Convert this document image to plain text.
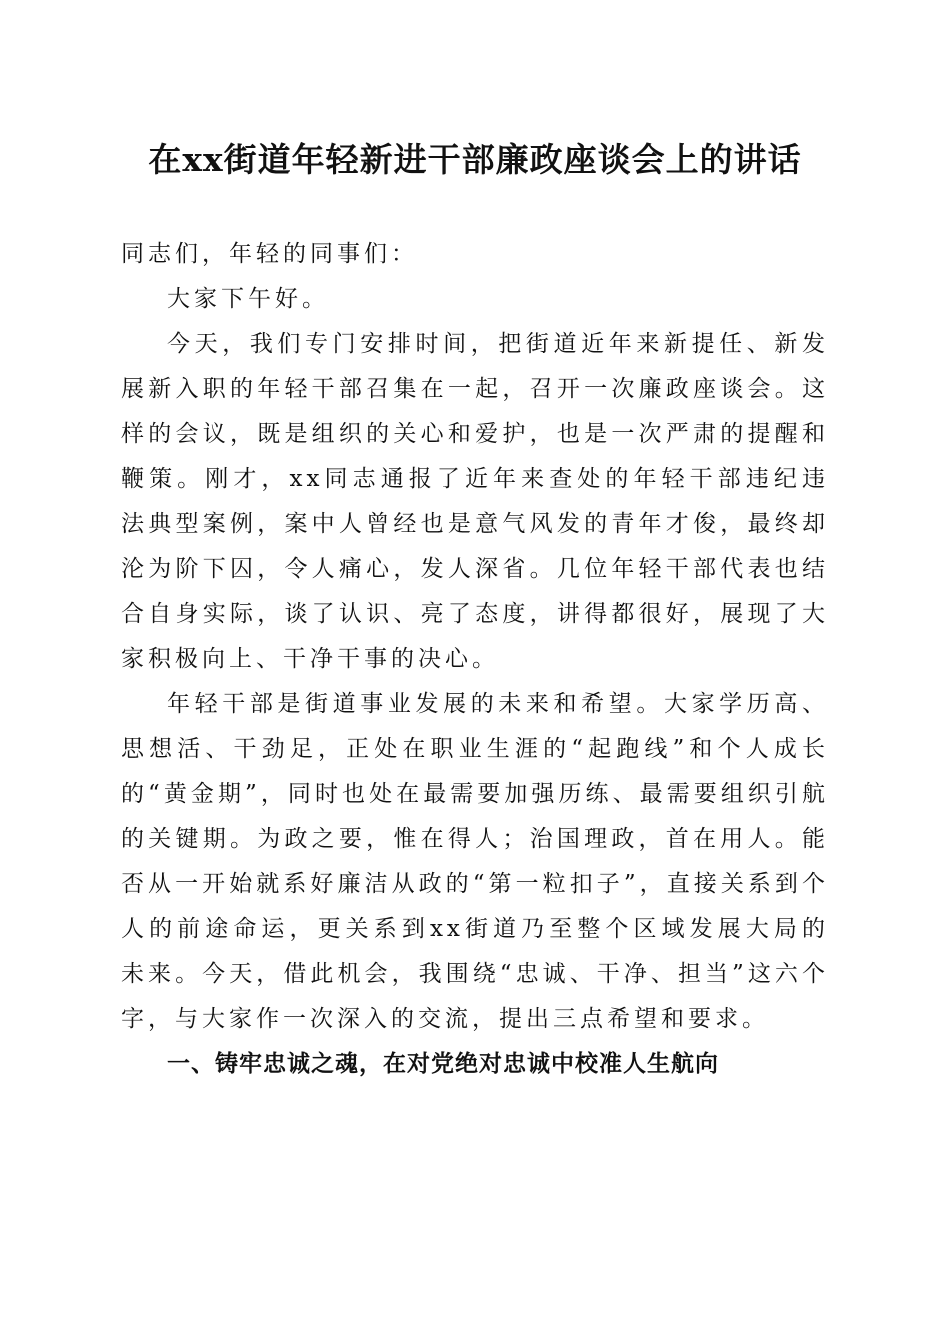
在xx街道年轻新进干部廉政座谈会上的讲话

同志们，年轻的同事们：

大家下午好。

今天，我们专门安排时间，把街道近年来新提任、新发展新入职的年轻干部召集在一起，召开一次廉政座谈会。这样的会议，既是组织的关心和爱护，也是一次严肃的提醒和鞭策。刚才，xx同志通报了近年来查处的年轻干部违纪违法典型案例，案中人曾经也是意气风发的青年才俊，最终却沦为阶下囚，令人痛心，发人深省。几位年轻干部代表也结合自身实际，谈了认识、亮了态度，讲得都很好，展现了大家积极向上、干净干事的决心。

年轻干部是街道事业发展的未来和希望。大家学历高、思想活、干劲足，正处在职业生涯的“起跑线”和个人成长的“黄金期”，同时也处在最需要加强历练、最需要组织引航的关键期。为政之要，惟在得人；治国理政，首在用人。能否从一开始就系好廉洁从政的“第一粒扣子”，直接关系到个人的前途命运，更关系到xx街道乃至整个区域发展大局的未来。今天，借此机会，我围绕“忠诚、干净、担当”这六个字，与大家作一次深入的交流，提出三点希望和要求。

一、铸牢忠诚之魂，在对党绝对忠诚中校准人生航向
